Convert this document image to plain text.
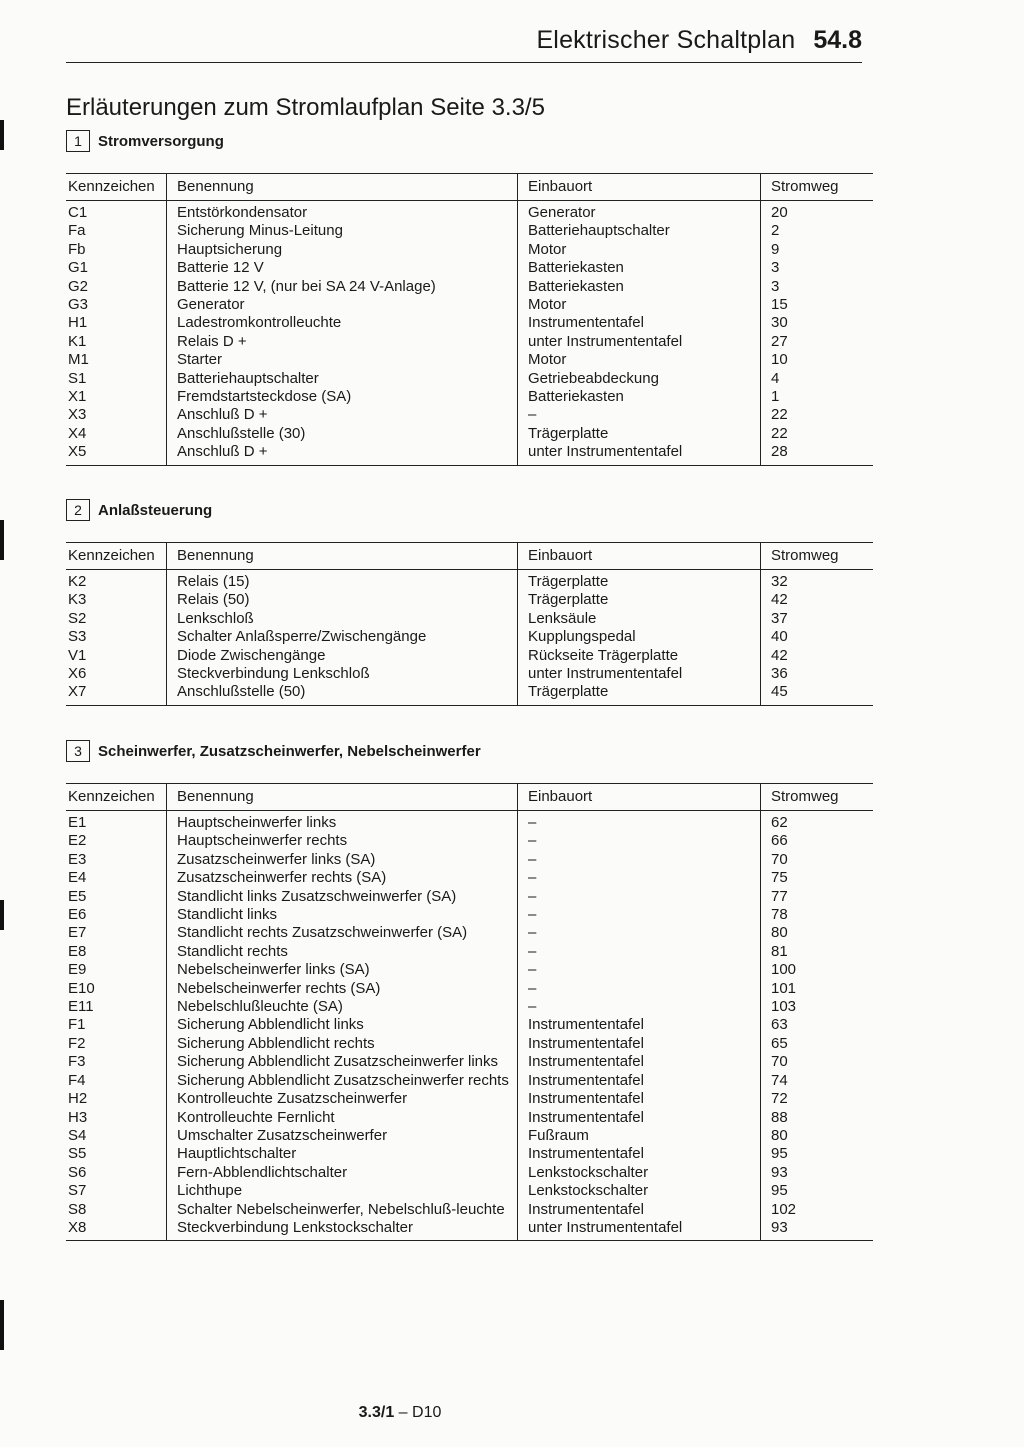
Elektrischer Schaltplan 54.8
Erläuterungen zum Stromlaufplan Seite 3.3/5
1	Stromversorgung
Kennzeichen	Benennung	Einbauort	Stromweg
C1	Entstörkondensator	Generator	20
Fa	Sicherung Minus-Leitung	Batteriehauptschalter	2
Fb	Hauptsicherung	Motor	9
G1	Batterie 12 V	Batteriekasten	3
G2	Batterie 12 V, (nur bei SA 24 V-Anlage)	Batteriekasten	3
G3	Generator	Motor	15
H1	Ladestromkontrolleuchte	Instrumententafel	30
K1	Relais D +	unter Instrumententafel	27
M1	Starter	Motor	10
S1	Batteriehauptschalter	Getriebeabdeckung	4
X1	Fremdstartsteckdose (SA)	Batteriekasten	1
X3	Anschluß D +	–	22
X4	Anschlußstelle (30)	Trägerplatte	22
X5	Anschluß D +	unter Instrumententafel	28
2	Anlaßsteuerung
Kennzeichen	Benennung	Einbauort	Stromweg
K2	Relais (15)	Trägerplatte	32
K3	Relais (50)	Trägerplatte	42
S2	Lenkschloß	Lenksäule	37
S3	Schalter Anlaßsperre/Zwischengänge	Kupplungspedal	40
V1	Diode Zwischengänge	Rückseite Trägerplatte	42
X6	Steckverbindung Lenkschloß	unter Instrumententafel	36
X7	Anschlußstelle (50)	Trägerplatte	45
3	Scheinwerfer, Zusatzscheinwerfer, Nebelscheinwerfer
Kennzeichen	Benennung	Einbauort	Stromweg
E1	Hauptscheinwerfer links	–	62
E2	Hauptscheinwerfer rechts	–	66
E3	Zusatzscheinwerfer links (SA)	–	70
E4	Zusatzscheinwerfer rechts (SA)	–	75
E5	Standlicht links Zusatzschweinwerfer (SA)	–	77
E6	Standlicht links	–	78
E7	Standlicht rechts Zusatzschweinwerfer (SA)	–	80
E8	Standlicht rechts	–	81
E9	Nebelscheinwerfer links (SA)	–	100
E10	Nebelscheinwerfer rechts (SA)	–	101
E11	Nebelschlußleuchte (SA)	–	103
F1	Sicherung Abblendlicht links	Instrumententafel	63
F2	Sicherung Abblendlicht rechts	Instrumententafel	65
F3	Sicherung Abblendlicht Zusatzscheinwerfer links	Instrumententafel	70
F4	Sicherung Abblendlicht Zusatzscheinwerfer rechts	Instrumententafel	74
H2	Kontrolleuchte Zusatzscheinwerfer	Instrumententafel	72
H3	Kontrolleuchte Fernlicht	Instrumententafel	88
S4	Umschalter Zusatzscheinwerfer	Fußraum	80
S5	Hauptlichtschalter	Instrumententafel	95
S6	Fern-Abblendlichtschalter	Lenkstockschalter	93
S7	Lichthupe	Lenkstockschalter	95
S8	Schalter Nebelscheinwerfer, Nebelschluß-leuchte	Instrumententafel	102
X8	Steckverbindung Lenkstockschalter	unter Instrumententafel	93
3.3/1 – D10
